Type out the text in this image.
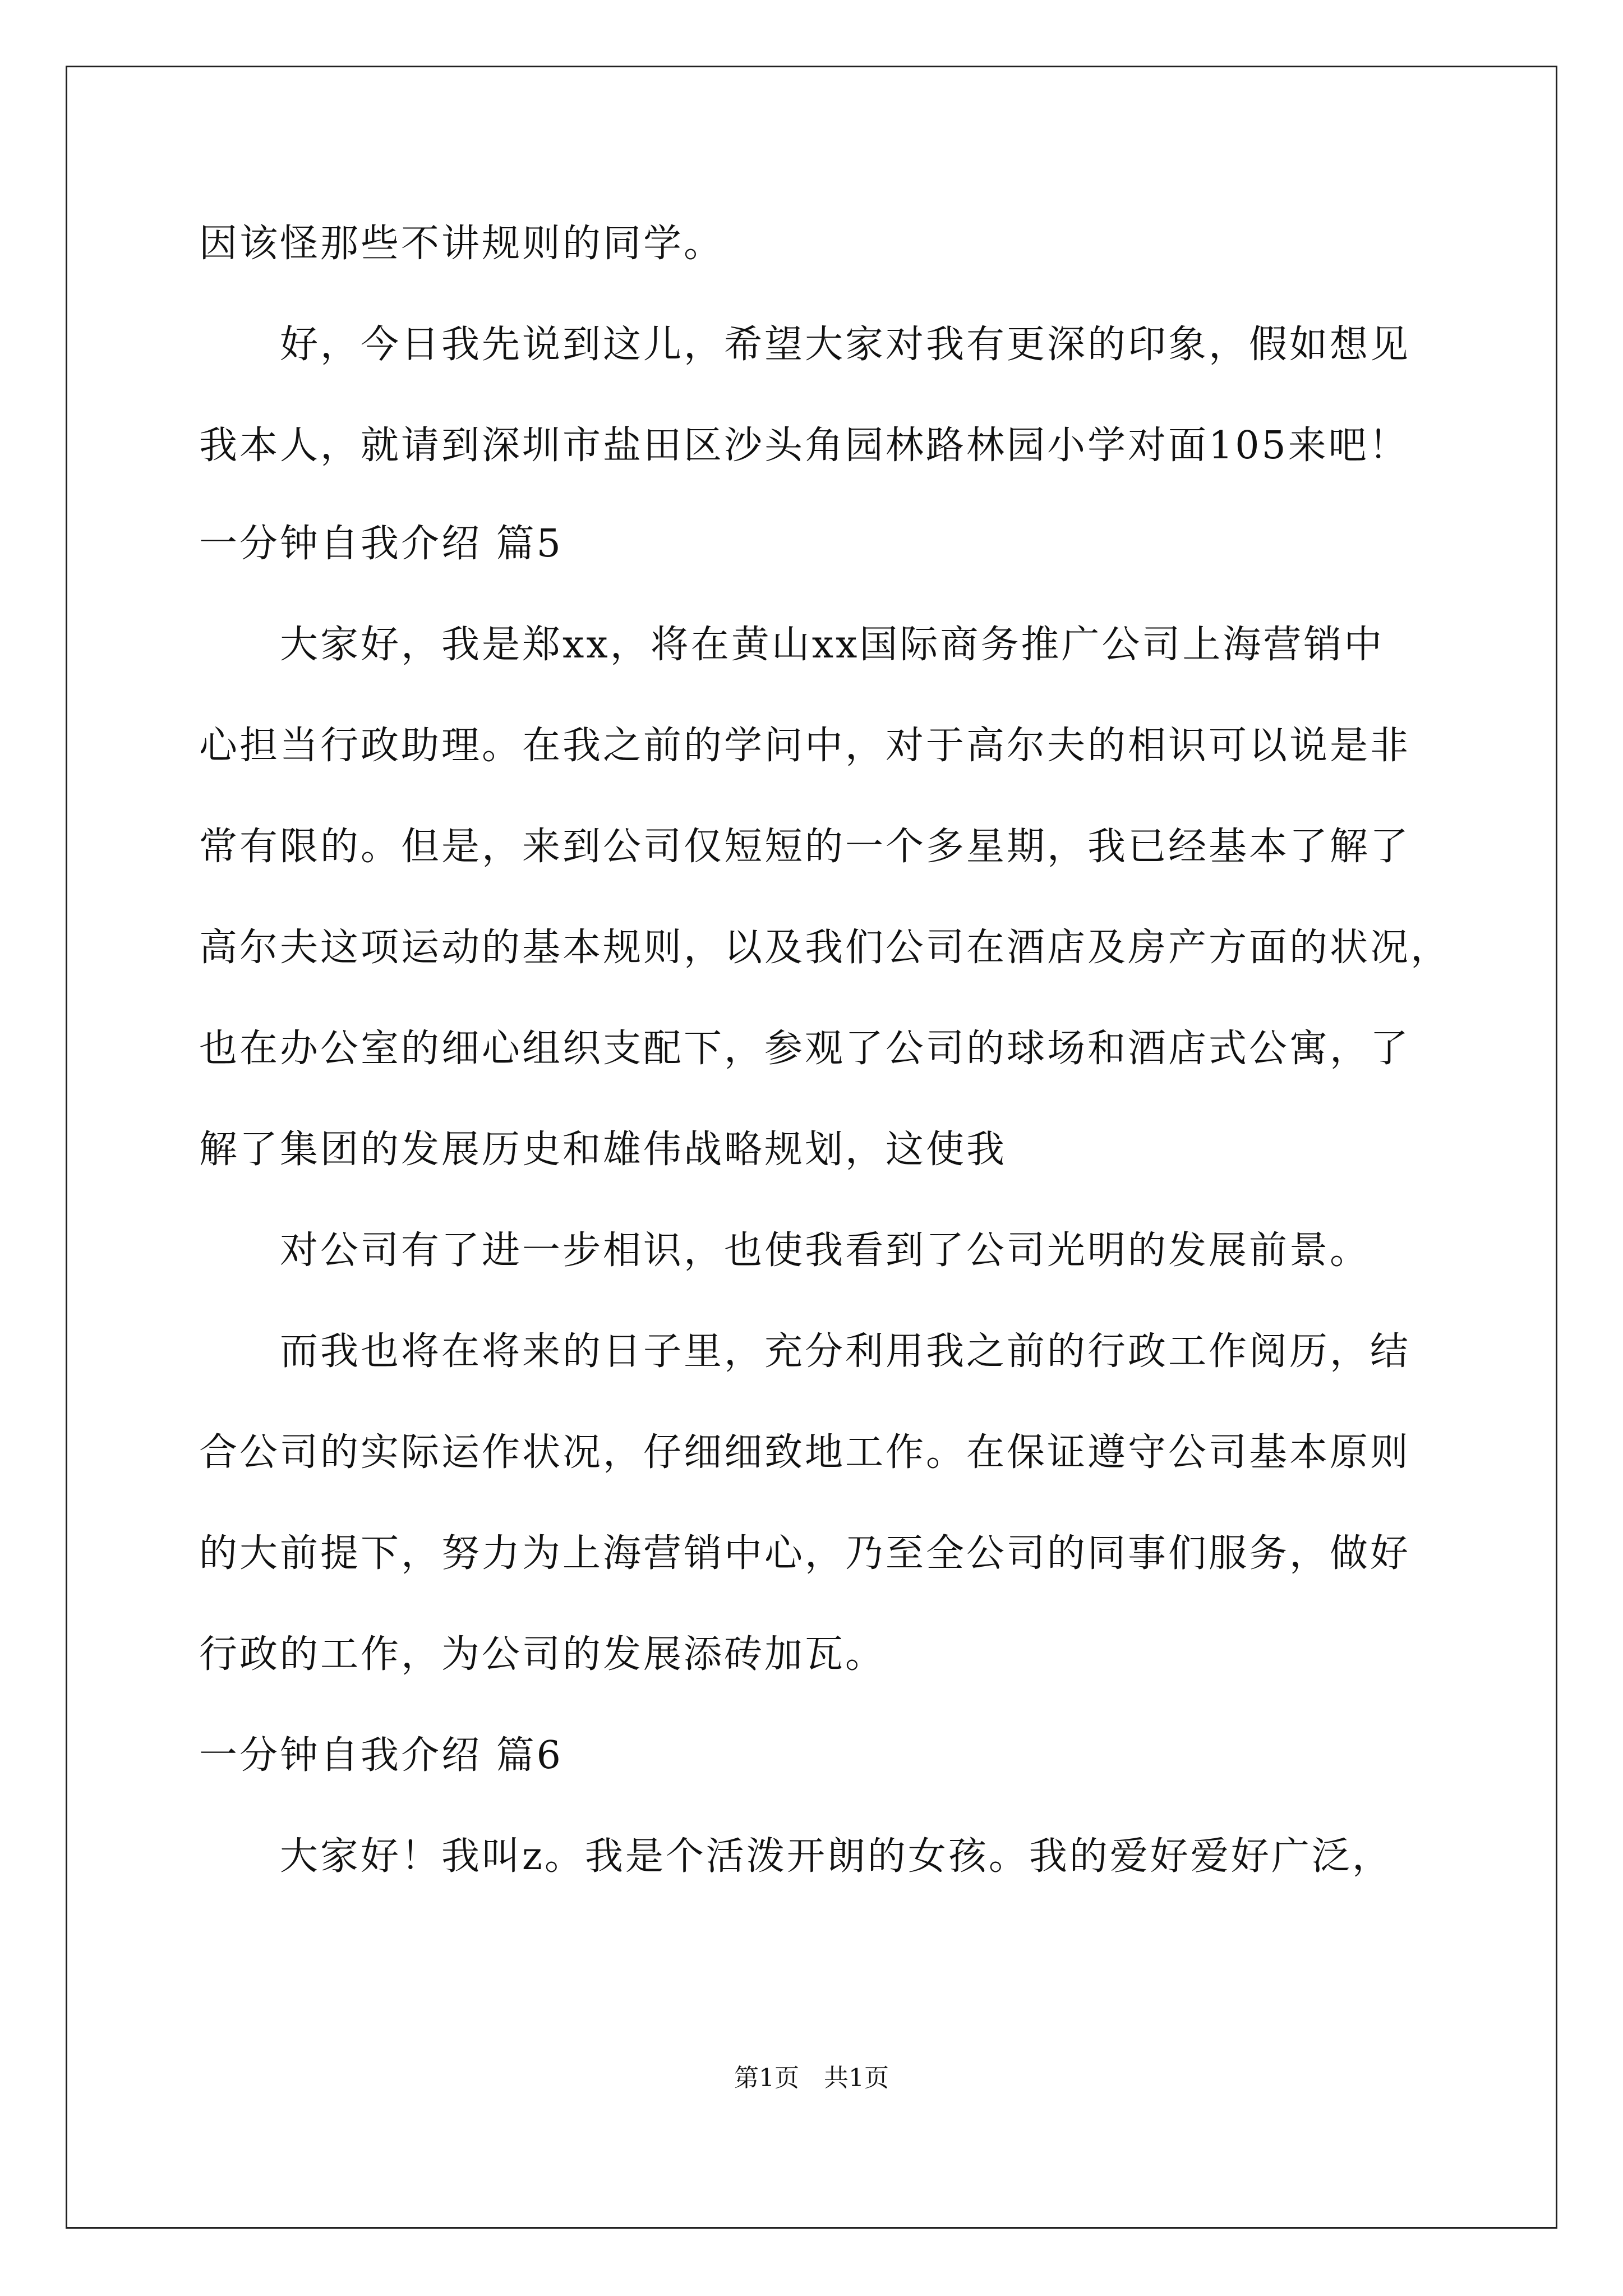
因该怪那些不讲规则的同学。
好，今日我先说到这儿，希望大家对我有更深的印象，假如想见
我本人，就请到深圳市盐田区沙头角园林路林园小学对面105来吧！
一分钟自我介绍 篇5
大家好，我是郑xx，将在黄山xx国际商务推广公司上海营销中
心担当行政助理。在我之前的学问中，对于高尔夫的相识可以说是非
常有限的。但是，来到公司仅短短的一个多星期，我已经基本了解了
高尔夫这项运动的基本规则，以及我们公司在酒店及房产方面的状况，
也在办公室的细心组织支配下，参观了公司的球场和酒店式公寓，了
解了集团的发展历史和雄伟战略规划，这使我
对公司有了进一步相识，也使我看到了公司光明的发展前景。
而我也将在将来的日子里，充分利用我之前的行政工作阅历，结
合公司的实际运作状况，仔细细致地工作。在保证遵守公司基本原则
的大前提下，努力为上海营销中心，乃至全公司的同事们服务，做好
行政的工作，为公司的发展添砖加瓦。
一分钟自我介绍 篇6
大家好！我叫z。我是个活泼开朗的女孩。我的爱好爱好广泛，
第1页　共1页
